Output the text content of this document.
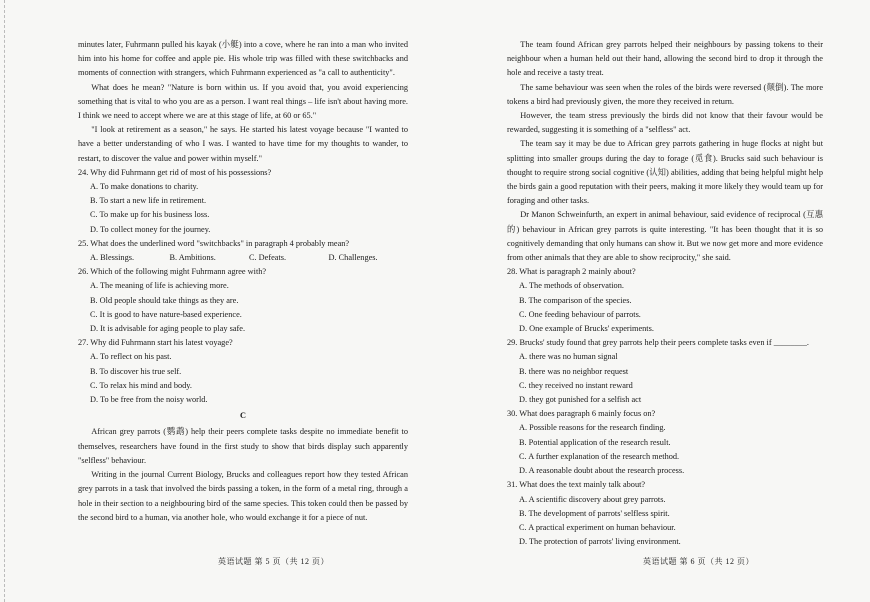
minutes later, Fuhrmann pulled his kayak (小艇) into a cove, where he ran into a man who invited him into his home for coffee and apple pie. His whole trip was filled with these switchbacks and moments of connection with strangers, which Fuhrmann experienced as "a call to authenticity".

What does he mean? "Nature is born within us. If you avoid that, you avoid experiencing something that is vital to who you are as a person. I want real things – life isn't about having more. I think we need to accept where we are at this stage of life, at 60 or 65."

"I look at retirement as a season," he says. He started his latest voyage because "I wanted to have a better understanding of who I was. I wanted to have time for my thoughts to wander, to restart, to discover the value and power within myself."

24. Why did Fuhrmann get rid of most of his possessions?

A. To make donations to charity.

B. To start a new life in retirement.

C. To make up for his business loss.

D. To collect money for the journey.

25. What does the underlined word "switchbacks" in paragraph 4 probably mean?

A. Blessings.	B. Ambitions.	C. Defeats.	D. Challenges.

26. Which of the following might Fuhrmann agree with?

A. The meaning of life is achieving more.

B. Old people should take things as they are.

C. It is good to have nature-based experience.

D. It is advisable for aging people to play safe.

27. Why did Fuhrmann start his latest voyage?

A. To reflect on his past.

B. To discover his true self.

C. To relax his mind and body.

D. To be free from the noisy world.

C

African grey parrots (鹦鹉) help their peers complete tasks despite no immediate benefit to themselves, researchers have found in the first study to show that birds display such apparently "selfless" behaviour.

Writing in the journal Current Biology, Brucks and colleagues report how they tested African grey parrots in a task that involved the birds passing a token, in the form of a metal ring, through a hole in their section to a neighbouring bird of the same species. This token could then be passed by the second bird to a human, via another hole, who would exchange it for a piece of nut.

The team found African grey parrots helped their neighbours by passing tokens to their neighbour when a human held out their hand, allowing the second bird to drop it through the hole and receive a tasty treat.

The same behaviour was seen when the roles of the birds were reversed (颠倒). The more tokens a bird had previously given, the more they received in return.

However, the team stress previously the birds did not know that their favour would be rewarded, suggesting it is something of a "selfless" act.

The team say it may be due to African grey parrots gathering in huge flocks at night but splitting into smaller groups during the day to forage (觅食). Brucks said such behaviour is thought to require strong social cognitive (认知) abilities, adding that being helpful might help the birds gain a good reputation with their peers, making it more likely they would team up for foraging and other tasks.

Dr Manon Schweinfurth, an expert in animal behaviour, said evidence of reciprocal (互惠的) behaviour in African grey parrots is quite interesting. "It has been thought that it is so cognitively demanding that only humans can show it. But we now get more and more evidence from other animals that they are able to show reciprocity," she said.

28. What is paragraph 2 mainly about?

A. The methods of observation.

B. The comparison of the species.

C. One feeding behaviour of parrots.

D. One example of Brucks' experiments.

29. Brucks' study found that grey parrots help their peers complete tasks even if ________.

A. there was no human signal

B. there was no neighbor request

C. they received no instant reward

D. they got punished for a selfish act

30. What does paragraph 6 mainly focus on?

A. Possible reasons for the research finding.

B. Potential application of the research result.

C. A further explanation of the research method.

D. A reasonable doubt about the research process.

31. What does the text mainly talk about?

A. A scientific discovery about grey parrots.

B. The development of parrots' selfless spirit.

C. A practical experiment on human behaviour.

D. The protection of parrots' living environment.

英语试题 第 5 页（共 12 页）	英语试题 第 6 页（共 12 页）
